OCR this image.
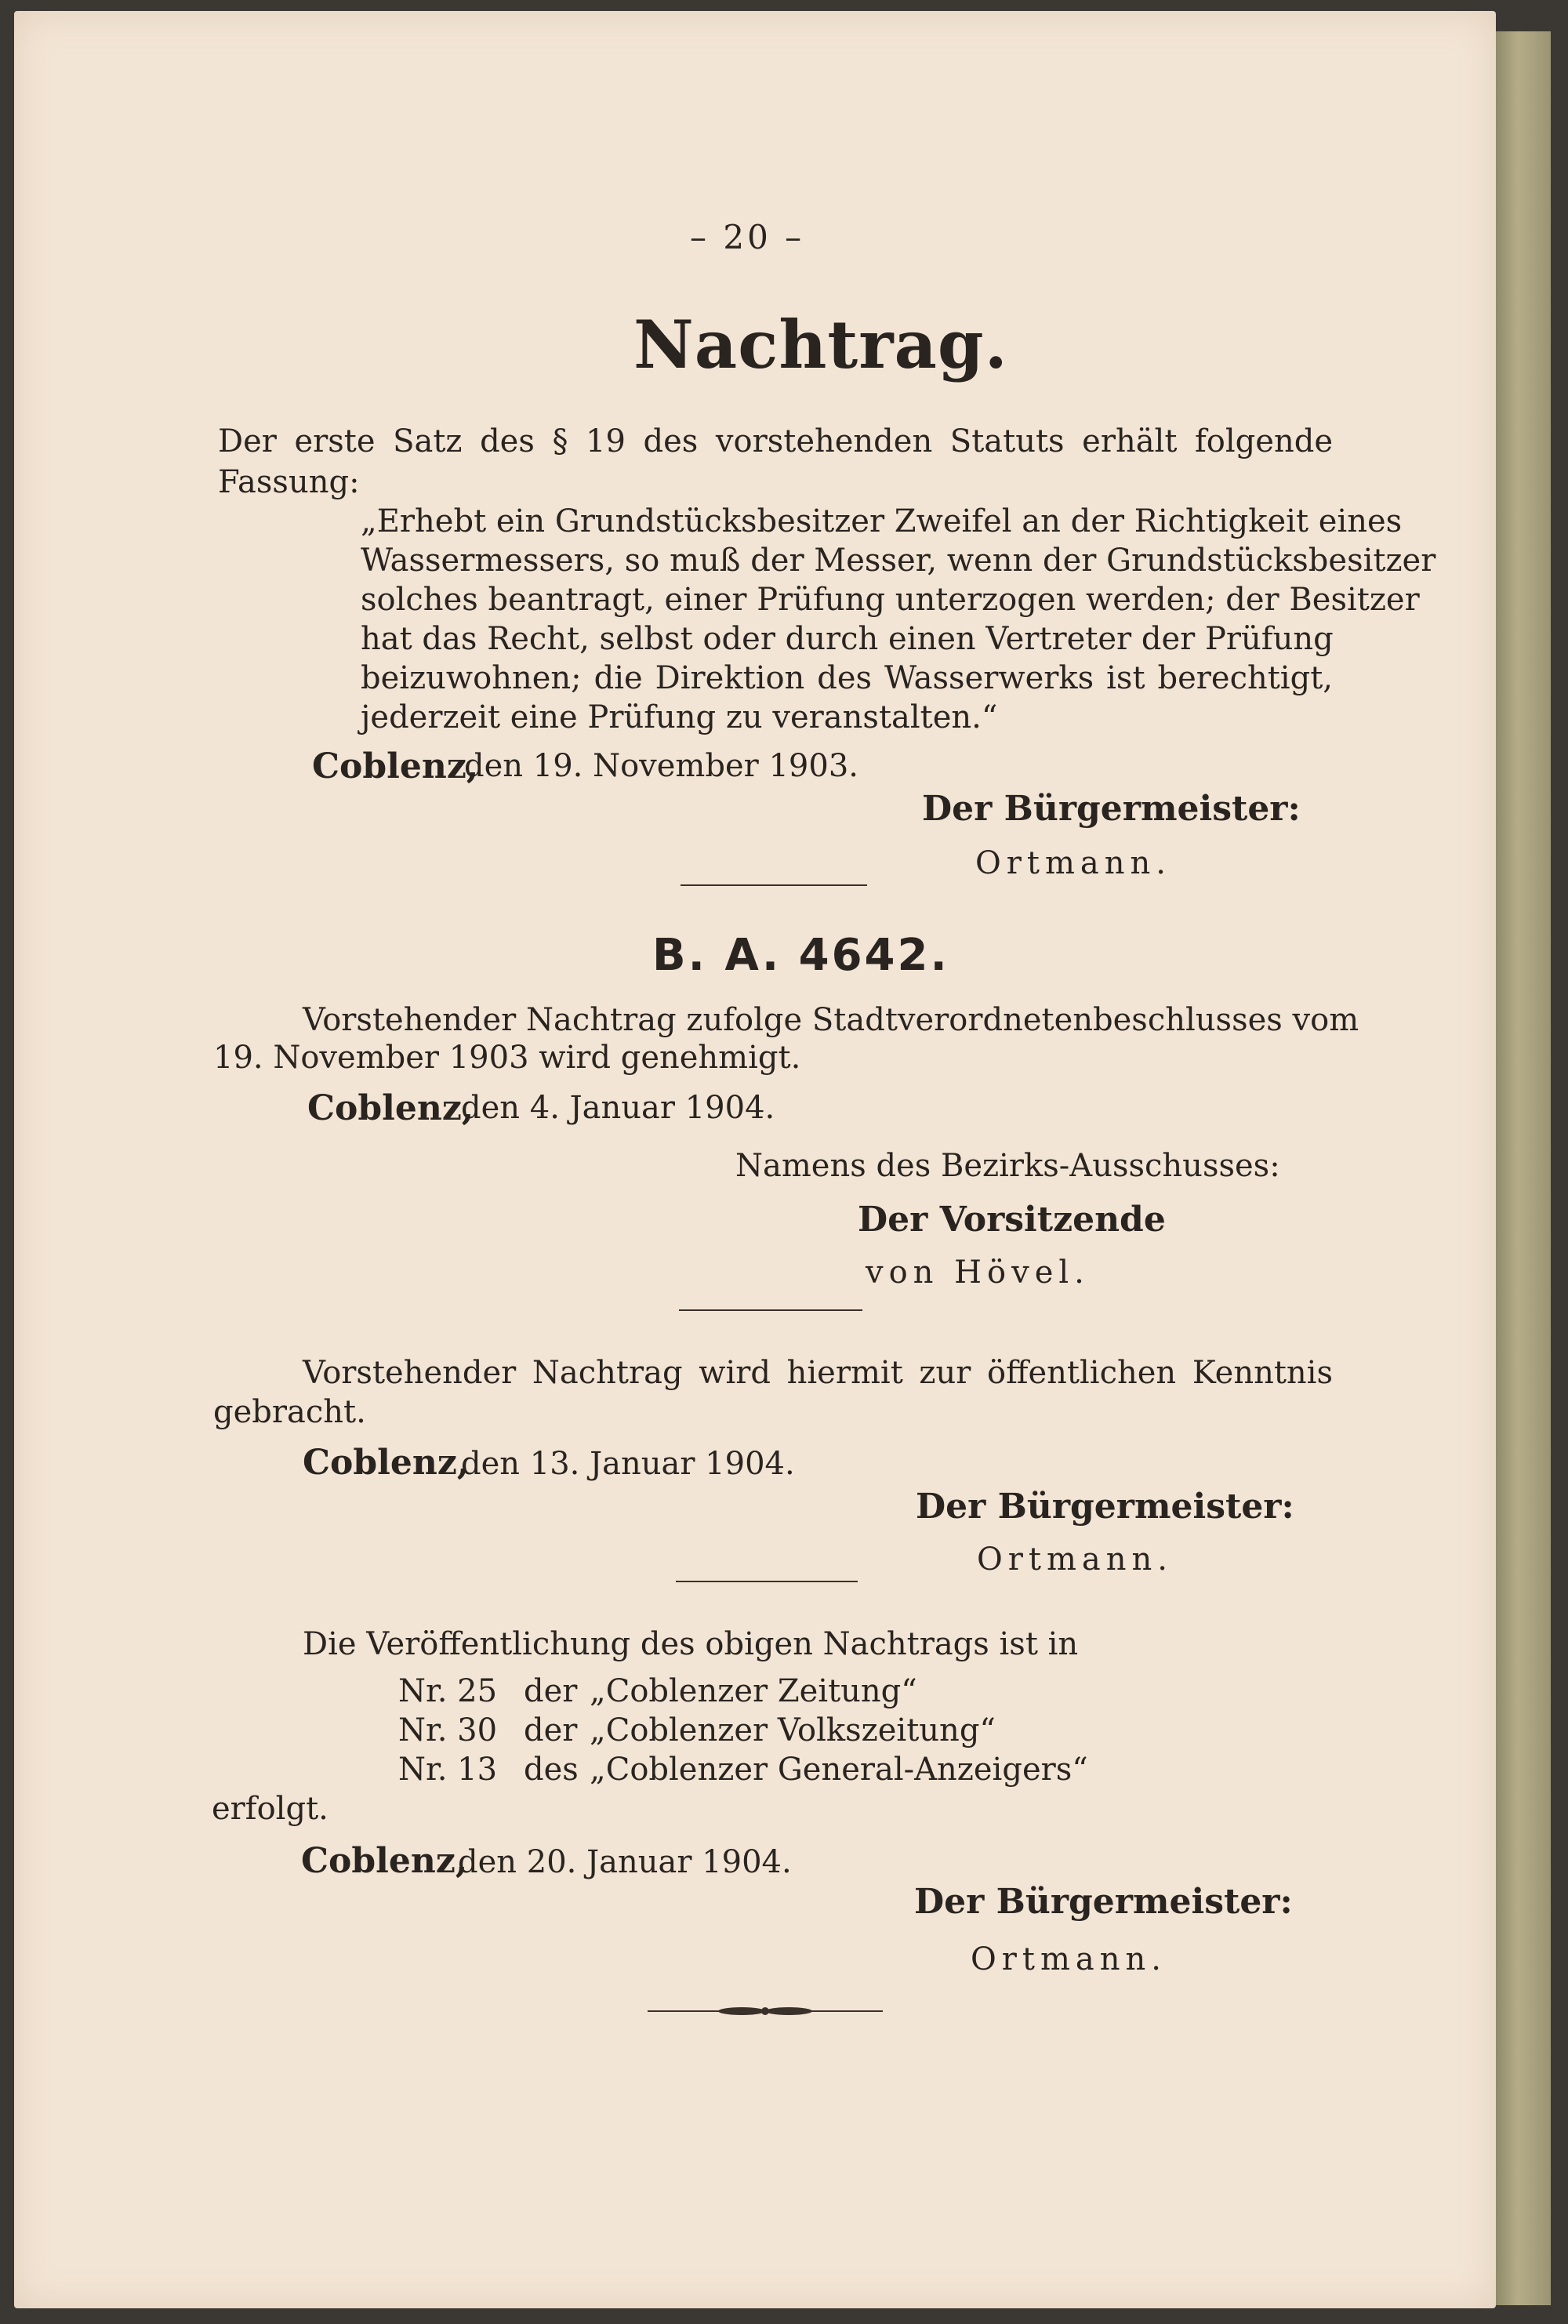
– 20 –
Nachtrag.
Der erste Satz des § 19 des vorstehenden Statuts erhält folgende
Fassung:
„Erhebt ein Grundstücksbesitzer Zweifel an der Richtigkeit eines
Wassermessers, so muß der Messer, wenn der Grundstücksbesitzer
solches beantragt, einer Prüfung unterzogen werden; der Besitzer
hat das Recht, selbst oder durch einen Vertreter der Prüfung
beizuwohnen; die Direktion des Wasserwerks ist berechtigt,
jederzeit eine Prüfung zu veranstalten.“
Coblenz,
den 19. November 1903.
Der Bürgermeister:
Ortmann.
B. A. 4642.
Vorstehender Nachtrag zufolge Stadtverordnetenbeschlusses vom
19. November 1903 wird genehmigt.
Coblenz,
den 4. Januar 1904.
Namens des Bezirks-Ausschusses:
Der Vorsitzende
von Hövel.
Vorstehender Nachtrag wird hiermit zur öffentlichen Kenntnis
gebracht.
Coblenz,
den 13. Januar 1904.
Der Bürgermeister:
Ortmann.
Die Veröffentlichung des obigen Nachtrags ist in
Nr. 25 der „Coblenzer Zeitung“
Nr. 30 der „Coblenzer Volkszeitung“
Nr. 13 des „Coblenzer General-Anzeigers“
erfolgt.
Coblenz,
den 20. Januar 1904.
Der Bürgermeister:
Ortmann.
